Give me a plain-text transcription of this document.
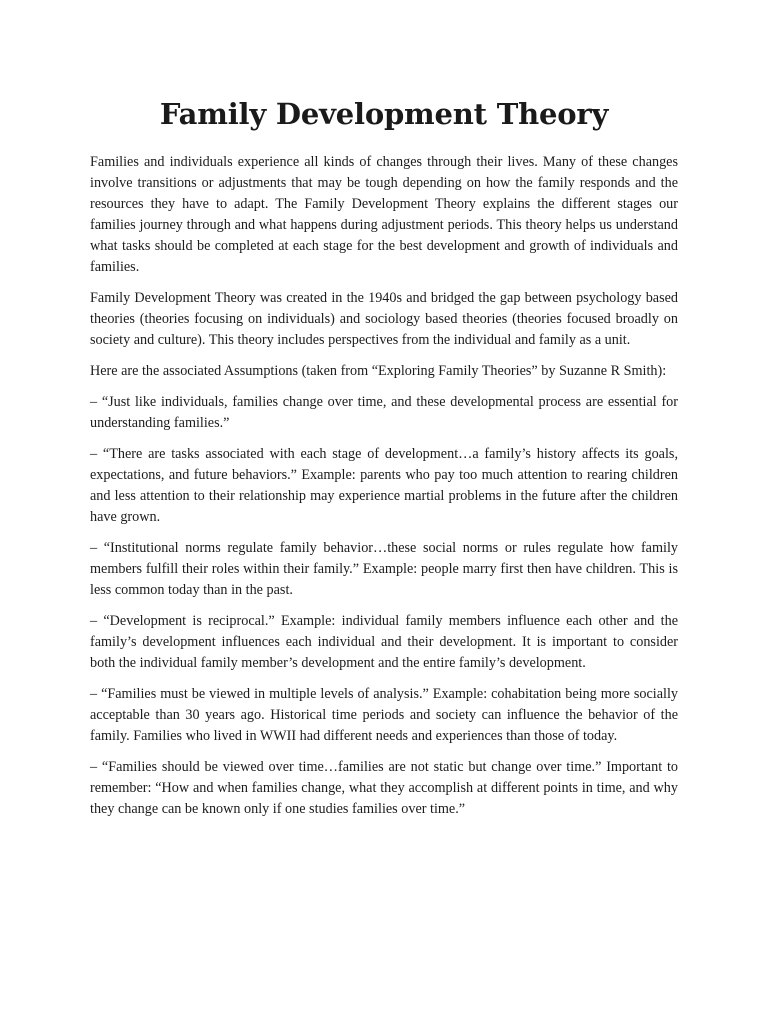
Family Development Theory

Families and individuals experience all kinds of changes through their lives. Many of these changes involve transitions or adjustments that may be tough depending on how the family responds and the resources they have to adapt. The Family Development Theory explains the different stages our families journey through and what happens during adjustment periods. This theory helps us understand what tasks should be completed at each stage for the best development and growth of individuals and families.

Family Development Theory was created in the 1940s and bridged the gap between psychology based theories (theories focusing on individuals) and sociology based theories (theories focused broadly on society and culture). This theory includes perspectives from the individual and family as a unit.

Here are the associated Assumptions (taken from “Exploring Family Theories” by Suzanne R Smith):

– “Just like individuals, families change over time, and these developmental process are essential for understanding families.”

– “There are tasks associated with each stage of development…a family’s history affects its goals, expectations, and future behaviors.” Example: parents who pay too much attention to rearing children and less attention to their relationship may experience martial problems in the future after the children have grown.

– “Institutional norms regulate family behavior…these social norms or rules regulate how family members fulfill their roles within their family.” Example: people marry first then have children. This is less common today than in the past.

– “Development is reciprocal.” Example: individual family members influence each other and the family’s development influences each individual and their development. It is important to consider both the individual family member’s development and the entire family’s development.

– “Families must be viewed in multiple levels of analysis.” Example: cohabitation being more socially acceptable than 30 years ago. Historical time periods and society can influence the behavior of the family. Families who lived in WWII had different needs and experiences than those of today.

– “Families should be viewed over time…families are not static but change over time.” Important to remember: “How and when families change, what they accomplish at different points in time, and why they change can be known only if one studies families over time.”
